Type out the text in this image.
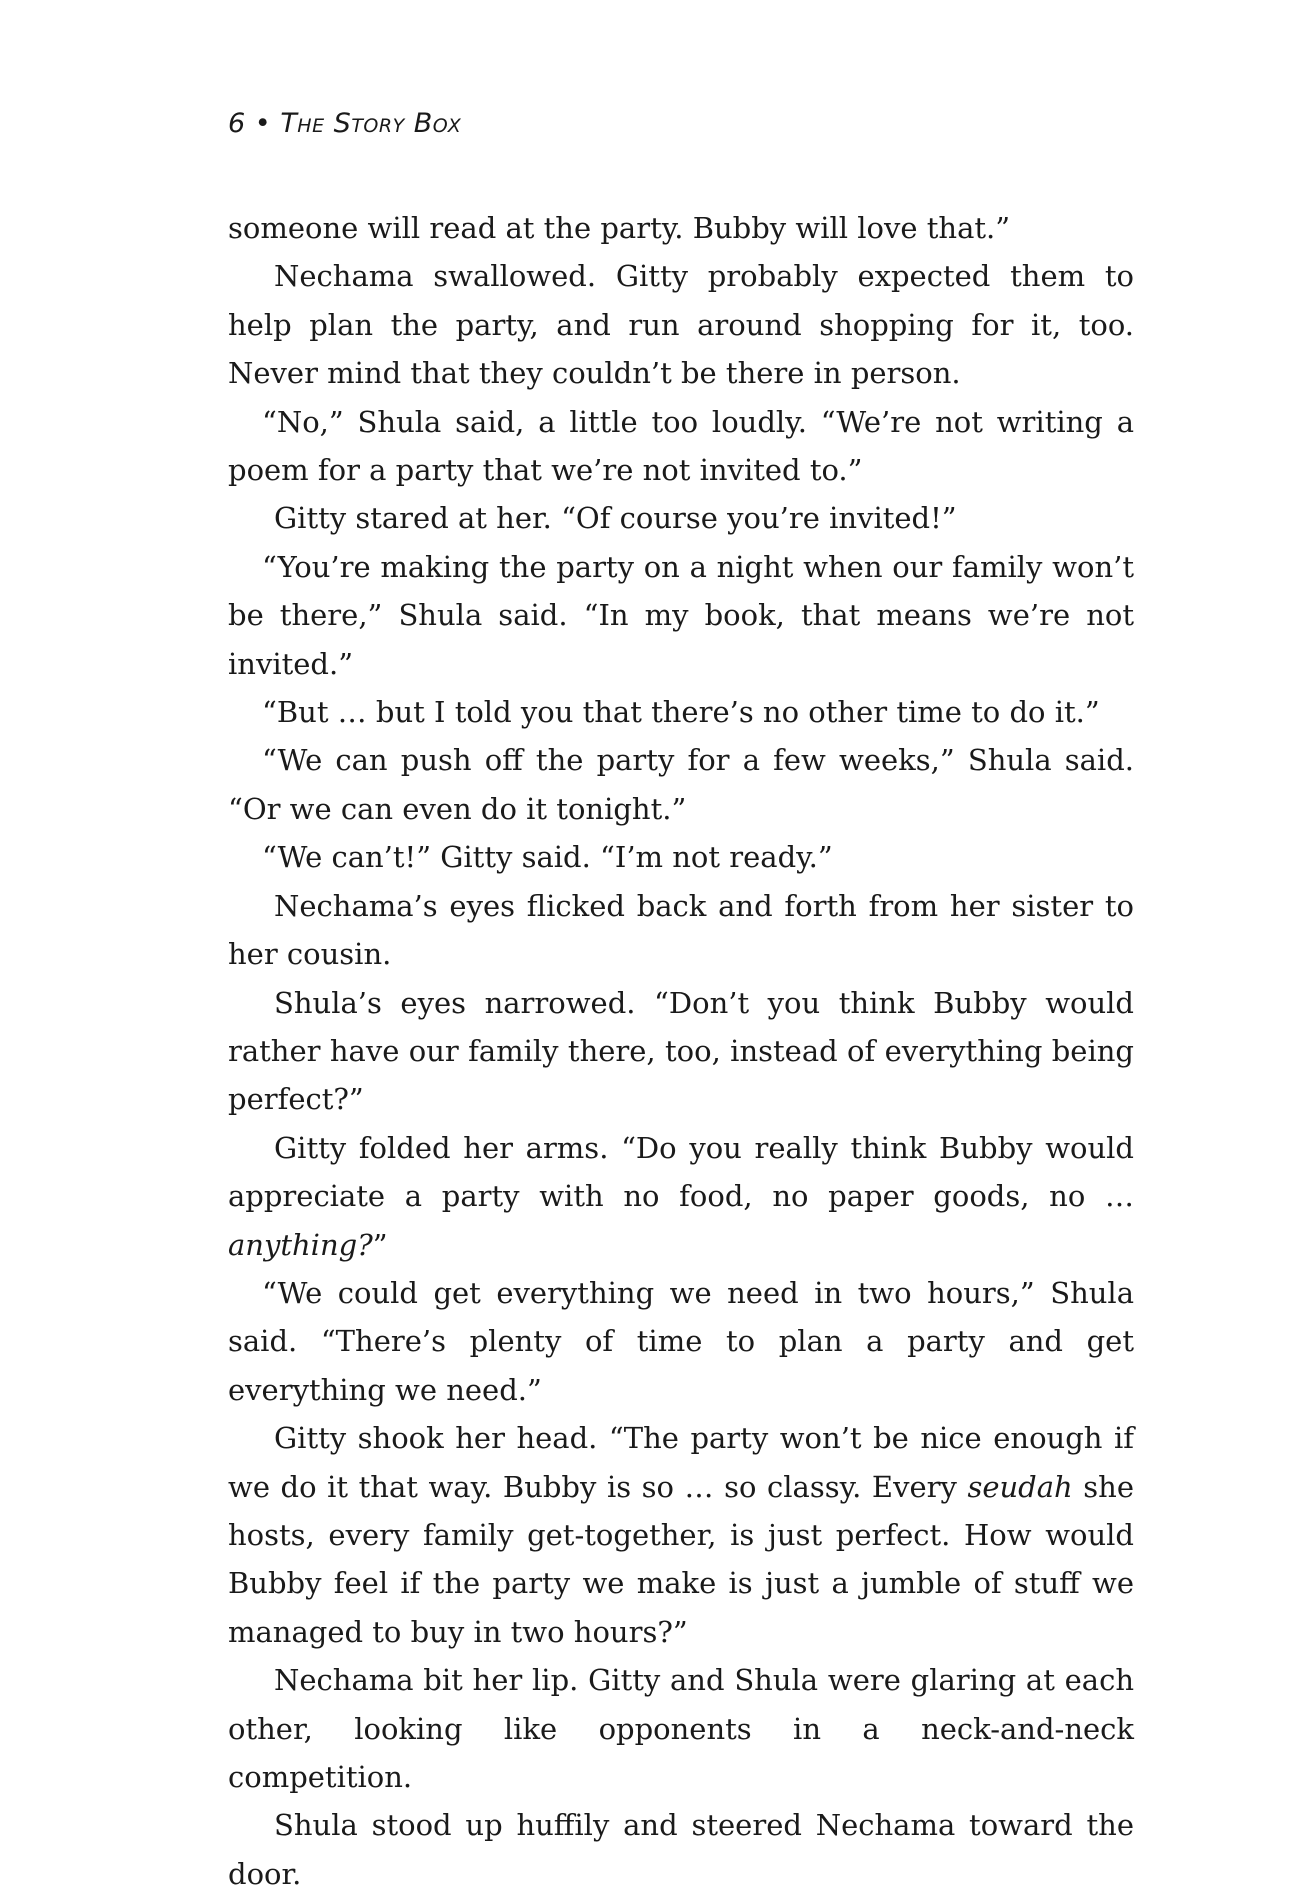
6 • The Story Box

someone will read at the party. Bubby will love that.”

Nechama swallowed. Gitty probably expected them to help plan the party, and run around shopping for it, too. Never mind that they couldn’t be there in person.

“No,” Shula said, a little too loudly. “We’re not writing a poem for a party that we’re not invited to.”

Gitty stared at her. “Of course you’re invited!”

“You’re making the party on a night when our family won’t be there,” Shula said. “In my book, that means we’re not invited.”

“But … but I told you that there’s no other time to do it.”

“We can push off the party for a few weeks,” Shula said. “Or we can even do it tonight.”

“We can’t!” Gitty said. “I’m not ready.”

Nechama’s eyes flicked back and forth from her sister to her cousin.

Shula’s eyes narrowed. “Don’t you think Bubby would rather have our family there, too, instead of everything being perfect?”

Gitty folded her arms. “Do you really think Bubby would appreciate a party with no food, no paper goods, no … anything?”

“We could get everything we need in two hours,” Shula said. “There’s plenty of time to plan a party and get everything we need.”

Gitty shook her head. “The party won’t be nice enough if we do it that way. Bubby is so … so classy. Every seudah she hosts, every family get-together, is just perfect. How would Bubby feel if the party we make is just a jumble of stuff we managed to buy in two hours?”

Nechama bit her lip. Gitty and Shula were glaring at each other, looking like opponents in a neck-and-neck competition.

Shula stood up huffily and steered Nechama toward the door.
